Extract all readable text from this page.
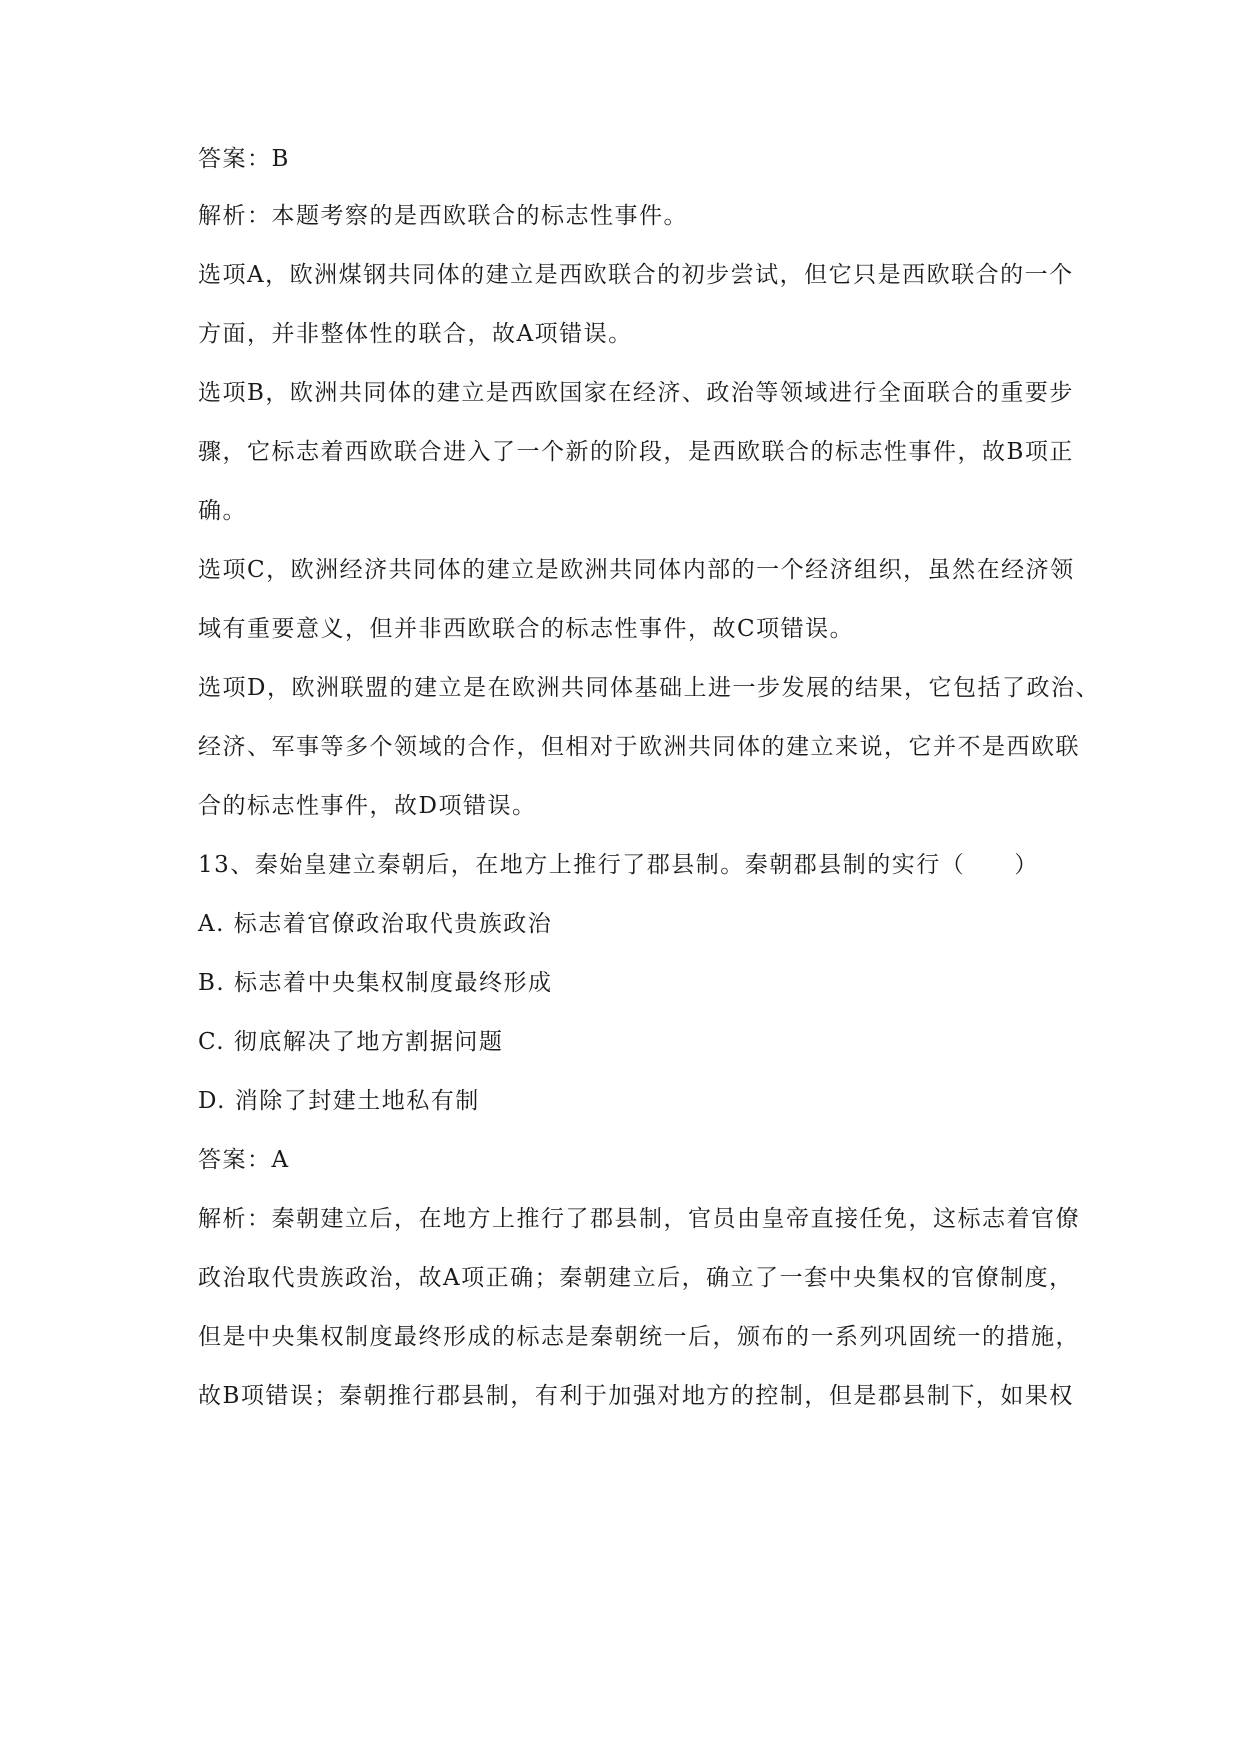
答案：B
解析：本题考察的是西欧联合的标志性事件。
选项A，欧洲煤钢共同体的建立是西欧联合的初步尝试，但它只是西欧联合的一个
方面，并非整体性的联合，故A项错误。
选项B，欧洲共同体的建立是西欧国家在经济、政治等领域进行全面联合的重要步
骤，它标志着西欧联合进入了一个新的阶段，是西欧联合的标志性事件，故B项正
确。
选项C，欧洲经济共同体的建立是欧洲共同体内部的一个经济组织，虽然在经济领
域有重要意义，但并非西欧联合的标志性事件，故C项错误。
选项D，欧洲联盟的建立是在欧洲共同体基础上进一步发展的结果，它包括了政治、
经济、军事等多个领域的合作，但相对于欧洲共同体的建立来说，它并不是西欧联
合的标志性事件，故D项错误。
13、秦始皇建立秦朝后，在地方上推行了郡县制。秦朝郡县制的实行（　　）
A. 标志着官僚政治取代贵族政治
B. 标志着中央集权制度最终形成
C. 彻底解决了地方割据问题
D. 消除了封建土地私有制
答案：A
解析：秦朝建立后，在地方上推行了郡县制，官员由皇帝直接任免，这标志着官僚
政治取代贵族政治，故A项正确；秦朝建立后，确立了一套中央集权的官僚制度，
但是中央集权制度最终形成的标志是秦朝统一后，颁布的一系列巩固统一的措施，
故B项错误；秦朝推行郡县制，有利于加强对地方的控制，但是郡县制下，如果权
